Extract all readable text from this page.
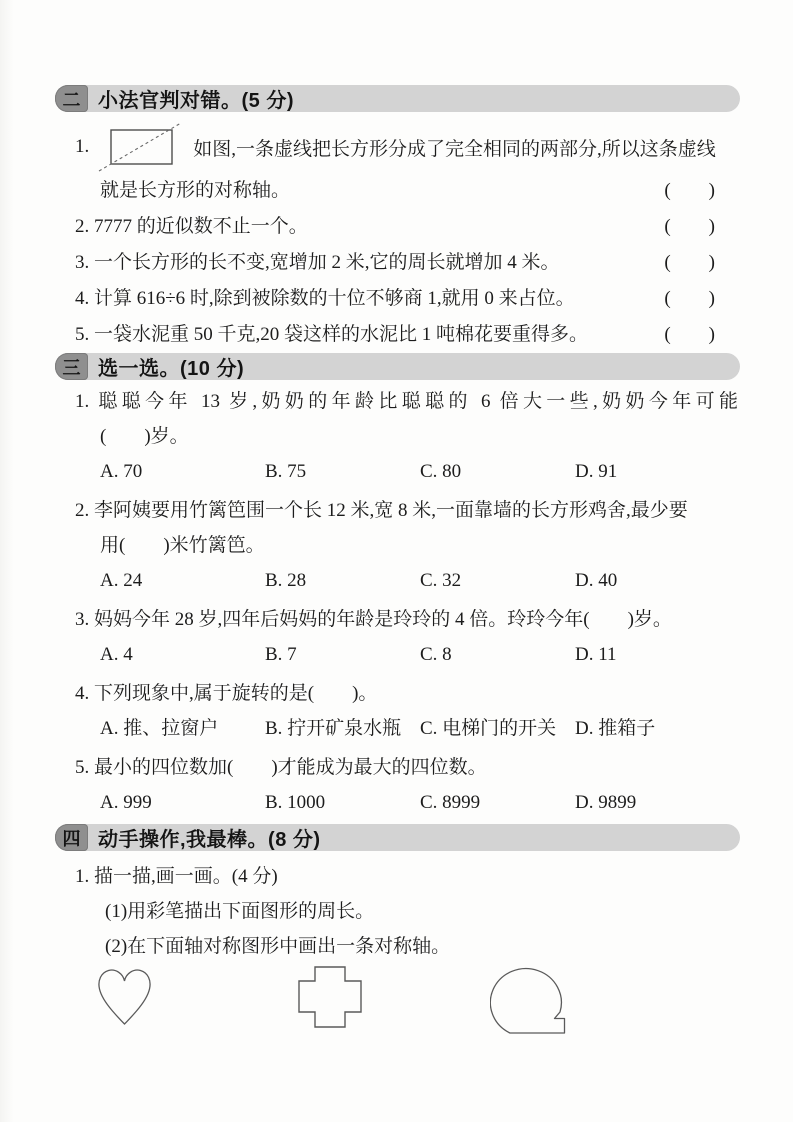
二 小法官判对错。(5 分)
1.	如图,一条虚线把长方形分成了完全相同的两部分,所以这条虚线
就是长方形的对称轴。	(　　)
2. 7777 的近似数不止一个。	(　　)
3. 一个长方形的长不变,宽增加 2 米,它的周长就增加 4 米。	(　　)
4. 计算 616÷6 时,除到被除数的十位不够商 1,就用 0 来占位。	(　　)
5. 一袋水泥重 50 千克,20 袋这样的水泥比 1 吨棉花要重得多。	(　　)
三 选一选。(10 分)
1. 聪聪今年 13 岁,奶奶的年龄比聪聪的 6 倍大一些,奶奶今年可能
(　　)岁。
A. 70	B. 75	C. 80	D. 91
2. 李阿姨要用竹篱笆围一个长 12 米,宽 8 米,一面靠墙的长方形鸡舍,最少要
用(　　)米竹篱笆。
A. 24	B. 28	C. 32	D. 40
3. 妈妈今年 28 岁,四年后妈妈的年龄是玲玲的 4 倍。玲玲今年(　　)岁。
A. 4	B. 7	C. 8	D. 11
4. 下列现象中,属于旋转的是(　　)。
A. 推、拉窗户	B. 拧开矿泉水瓶 C. 电梯门的开关 D. 推箱子
5. 最小的四位数加(　　)才能成为最大的四位数。
A. 999	B. 1000	C. 8999	D. 9899
四 动手操作,我最棒。(8 分)
1. 描一描,画一画。(4 分)
(1)用彩笔描出下面图形的周长。
(2)在下面轴对称图形中画出一条对称轴。
